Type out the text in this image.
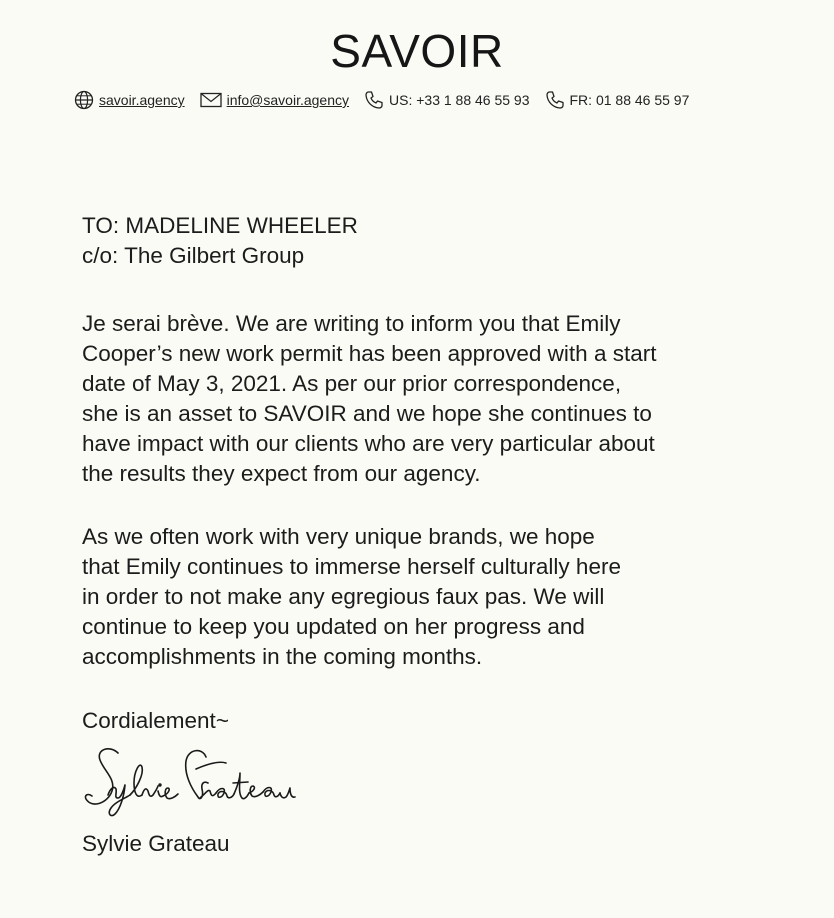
SAVOIR
savoir.agency	info@savoir.agency	US: +33 1 88 46 55 93	FR: 01 88 46 55 97

TO: MADELINE WHEELER

c/o: The Gilbert Group

Je serai brève. We are writing to inform you that Emily

Cooper’s new work permit has been approved with a start

date of May 3, 2021. As per our prior correspondence,

she is an asset to SAVOIR and we hope she continues to

have impact with our clients who are very particular about

the results they expect from our agency.

As we often work with very unique brands, we hope

that Emily continues to immerse herself culturally here

in order to not make any egregious faux pas. We will

continue to keep you updated on her progress and

accomplishments in the coming months.

Cordialement~
Sylvie Grateau
